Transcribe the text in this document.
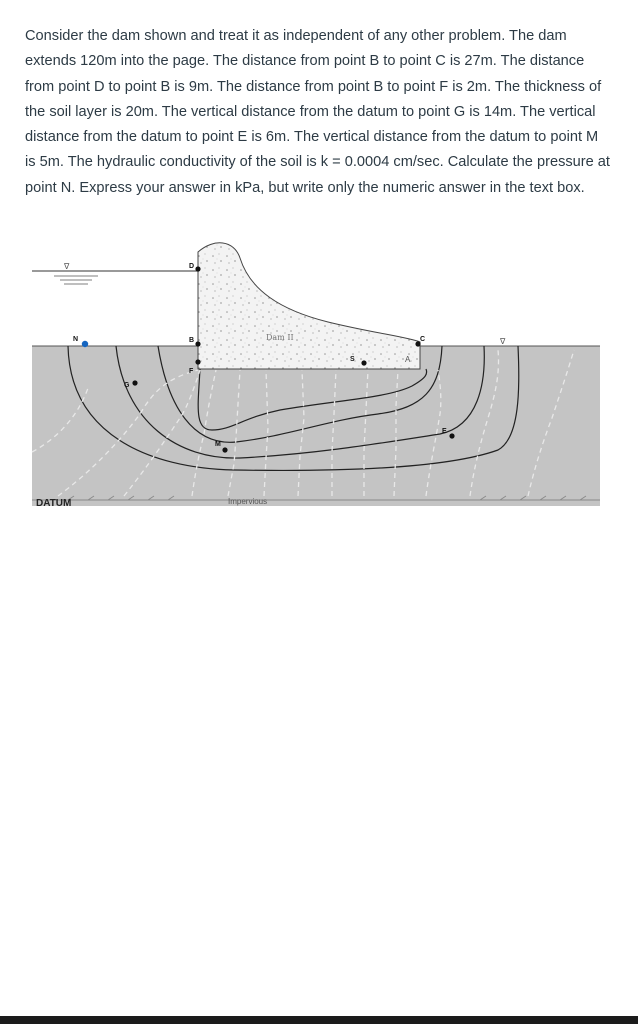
Consider the dam shown and treat it as independent of any other problem. The dam extends 120m into the page. The distance from point B to point C is 27m. The distance from point D to point B is 9m. The distance from point B to point F is 2m. The thickness of the soil layer is 20m. The vertical distance from the datum to point G is 14m. The vertical distance from the datum to point E is 6m. The vertical distance from the datum to point M is 5m. The hydraulic conductivity of the soil is k = 0.0004 cm/sec. Calculate the pressure at point N. Express your answer in kPa, but write only the numeric answer in the text box.
∇
∇
Dam II
D
B
F
N
G
M
S
C
A
E
DATUM	Impervious
